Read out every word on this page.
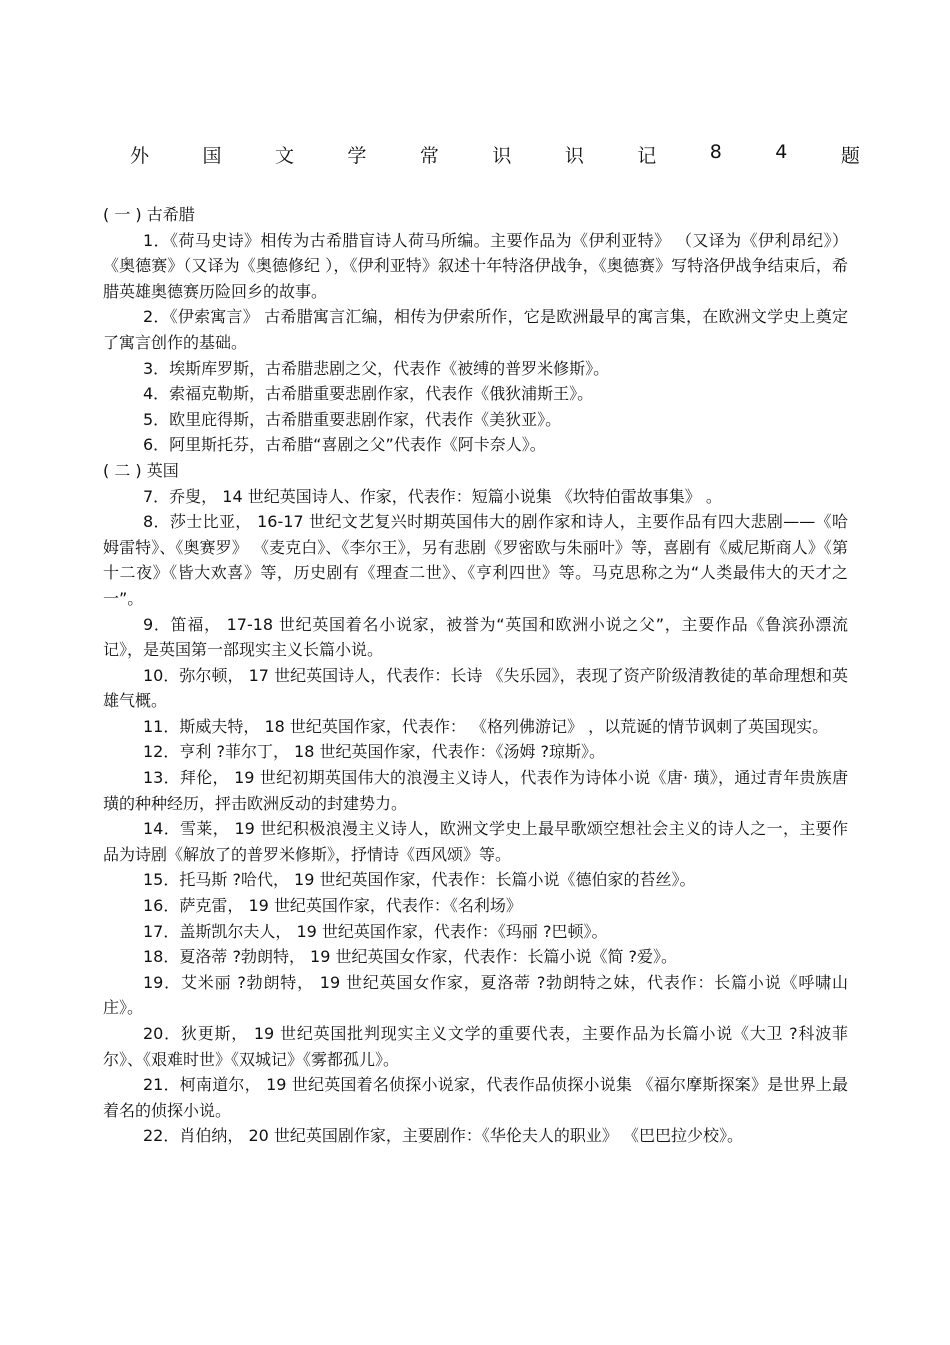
外	国	文	学	常	识	识	记	8	4	题

( 一 ) 古希腊

1．《荷马史诗》相传为古希腊盲诗人荷马所编。主要作品为《伊利亚特》 （又译为《伊利昂纪》）《奥德赛》（又译为《奥德修纪 ），《伊利亚特》叙述十年特洛伊战争，《奥德赛》写特洛伊战争结束后，希腊英雄奥德赛历险回乡的故事。

2．《伊索寓言》 古希腊寓言汇编，相传为伊索所作，它是欧洲最早的寓言集，在欧洲文学史上奠定了寓言创作的基础。

3．埃斯库罗斯，古希腊悲剧之父，代表作《被缚的普罗米修斯》。

4．索福克勒斯，古希腊重要悲剧作家，代表作《俄狄浦斯王》。

5．欧里庇得斯，古希腊重要悲剧作家，代表作《美狄亚》。

6．阿里斯托芬，古希腊“喜剧之父”代表作《阿卡奈人》。

( 二 ) 英国

7．乔叟， 14 世纪英国诗人、作家，代表作：短篇小说集 《坎特伯雷故事集》 。

8．莎士比亚， 16-17 世纪文艺复兴时期英国伟大的剧作家和诗人，主要作品有四大悲剧——《哈姆雷特》、《奥赛罗》 《麦克白》、《李尔王》，另有悲剧《罗密欧与朱丽叶》等，喜剧有《威尼斯商人》《第十二夜》《皆大欢喜》等，历史剧有《理查二世》、《亨利四世》等。马克思称之为“人类最伟大的天才之一”。

9．笛福， 17-18 世纪英国着名小说家，被誉为“英国和欧洲小说之父”，主要作品《鲁滨孙漂流记》，是英国第一部现实主义长篇小说。

10．弥尔顿， 17 世纪英国诗人，代表作：长诗 《失乐园》，表现了资产阶级清教徒的革命理想和英雄气概。

11．斯威夫特， 18 世纪英国作家，代表作： 《格列佛游记》 ，以荒诞的情节讽刺了英国现实。

12．亨利 ?菲尔丁， 18 世纪英国作家，代表作：《汤姆 ?琼斯》。

13．拜伦， 19 世纪初期英国伟大的浪漫主义诗人，代表作为诗体小说《唐· 璜》，通过青年贵族唐璜的种种经历，抨击欧洲反动的封建势力。

14．雪莱， 19 世纪积极浪漫主义诗人，欧洲文学史上最早歌颂空想社会主义的诗人之一，主要作品为诗剧《解放了的普罗米修斯》，抒情诗《西风颂》等。

15．托马斯 ?哈代， 19 世纪英国作家，代表作：长篇小说《德伯家的苔丝》。

16．萨克雷， 19 世纪英国作家，代表作：《名利场》

17．盖斯凯尔夫人， 19 世纪英国作家，代表作：《玛丽 ?巴顿》。

18．夏洛蒂 ?勃朗特， 19 世纪英国女作家，代表作：长篇小说《简 ?爱》。

19．艾米丽 ?勃朗特， 19 世纪英国女作家，夏洛蒂 ?勃朗特之妹，代表作：长篇小说《呼啸山庄》。

20．狄更斯， 19 世纪英国批判现实主义文学的重要代表，主要作品为长篇小说《大卫 ?科波菲尔》、《艰难时世》《双城记》《雾都孤儿》。

21．柯南道尔， 19 世纪英国着名侦探小说家，代表作品侦探小说集 《福尔摩斯探案》是世界上最着名的侦探小说。

22．肖伯纳， 20 世纪英国剧作家，主要剧作：《华伦夫人的职业》 《巴巴拉少校》。
